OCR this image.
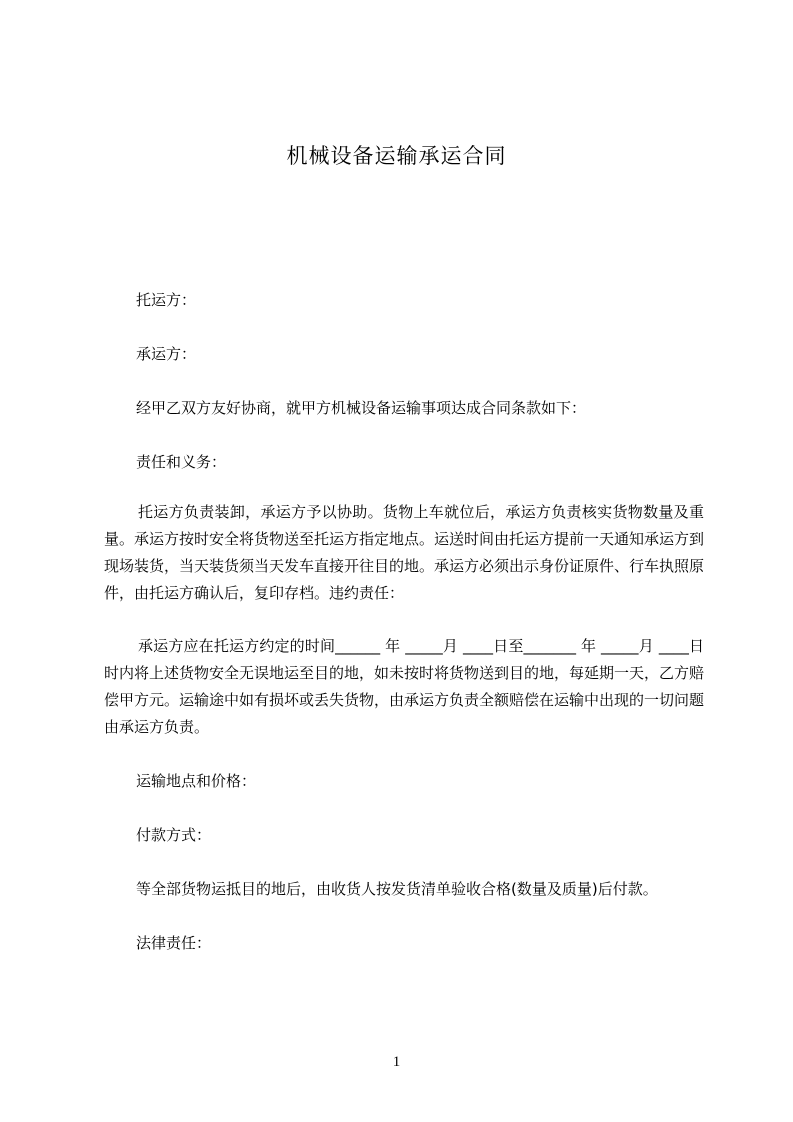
机械设备运输承运合同
托运方：
承运方：
经甲乙双方友好协商，就甲方机械设备运输事项达成合同条款如下：
责任和义务：
托运方负责装卸，承运方予以协助。货物上车就位后，承运方负责核实货物数量及重量。承运方按时安全将货物送至托运方指定地点。运送时间由托运方提前一天通知承运方到现场装货，当天装货须当天发车直接开往目的地。承运方必须出示身份证原件、行车执照原件，由托运方确认后，复印存档。违约责任：
承运方应在托运方约定的时间______ 年 _____月 ____日至_______ 年 _____月 ____日时内将上述货物安全无误地运至目的地，如未按时将货物送到目的地，每延期一天，乙方赔偿甲方元。运输途中如有损坏或丢失货物，由承运方负责全额赔偿在运输中出现的一切问题由承运方负责。
运输地点和价格：
付款方式：
等全部货物运抵目的地后，由收货人按发货清单验收合格(数量及质量)后付款。
法律责任：
1
